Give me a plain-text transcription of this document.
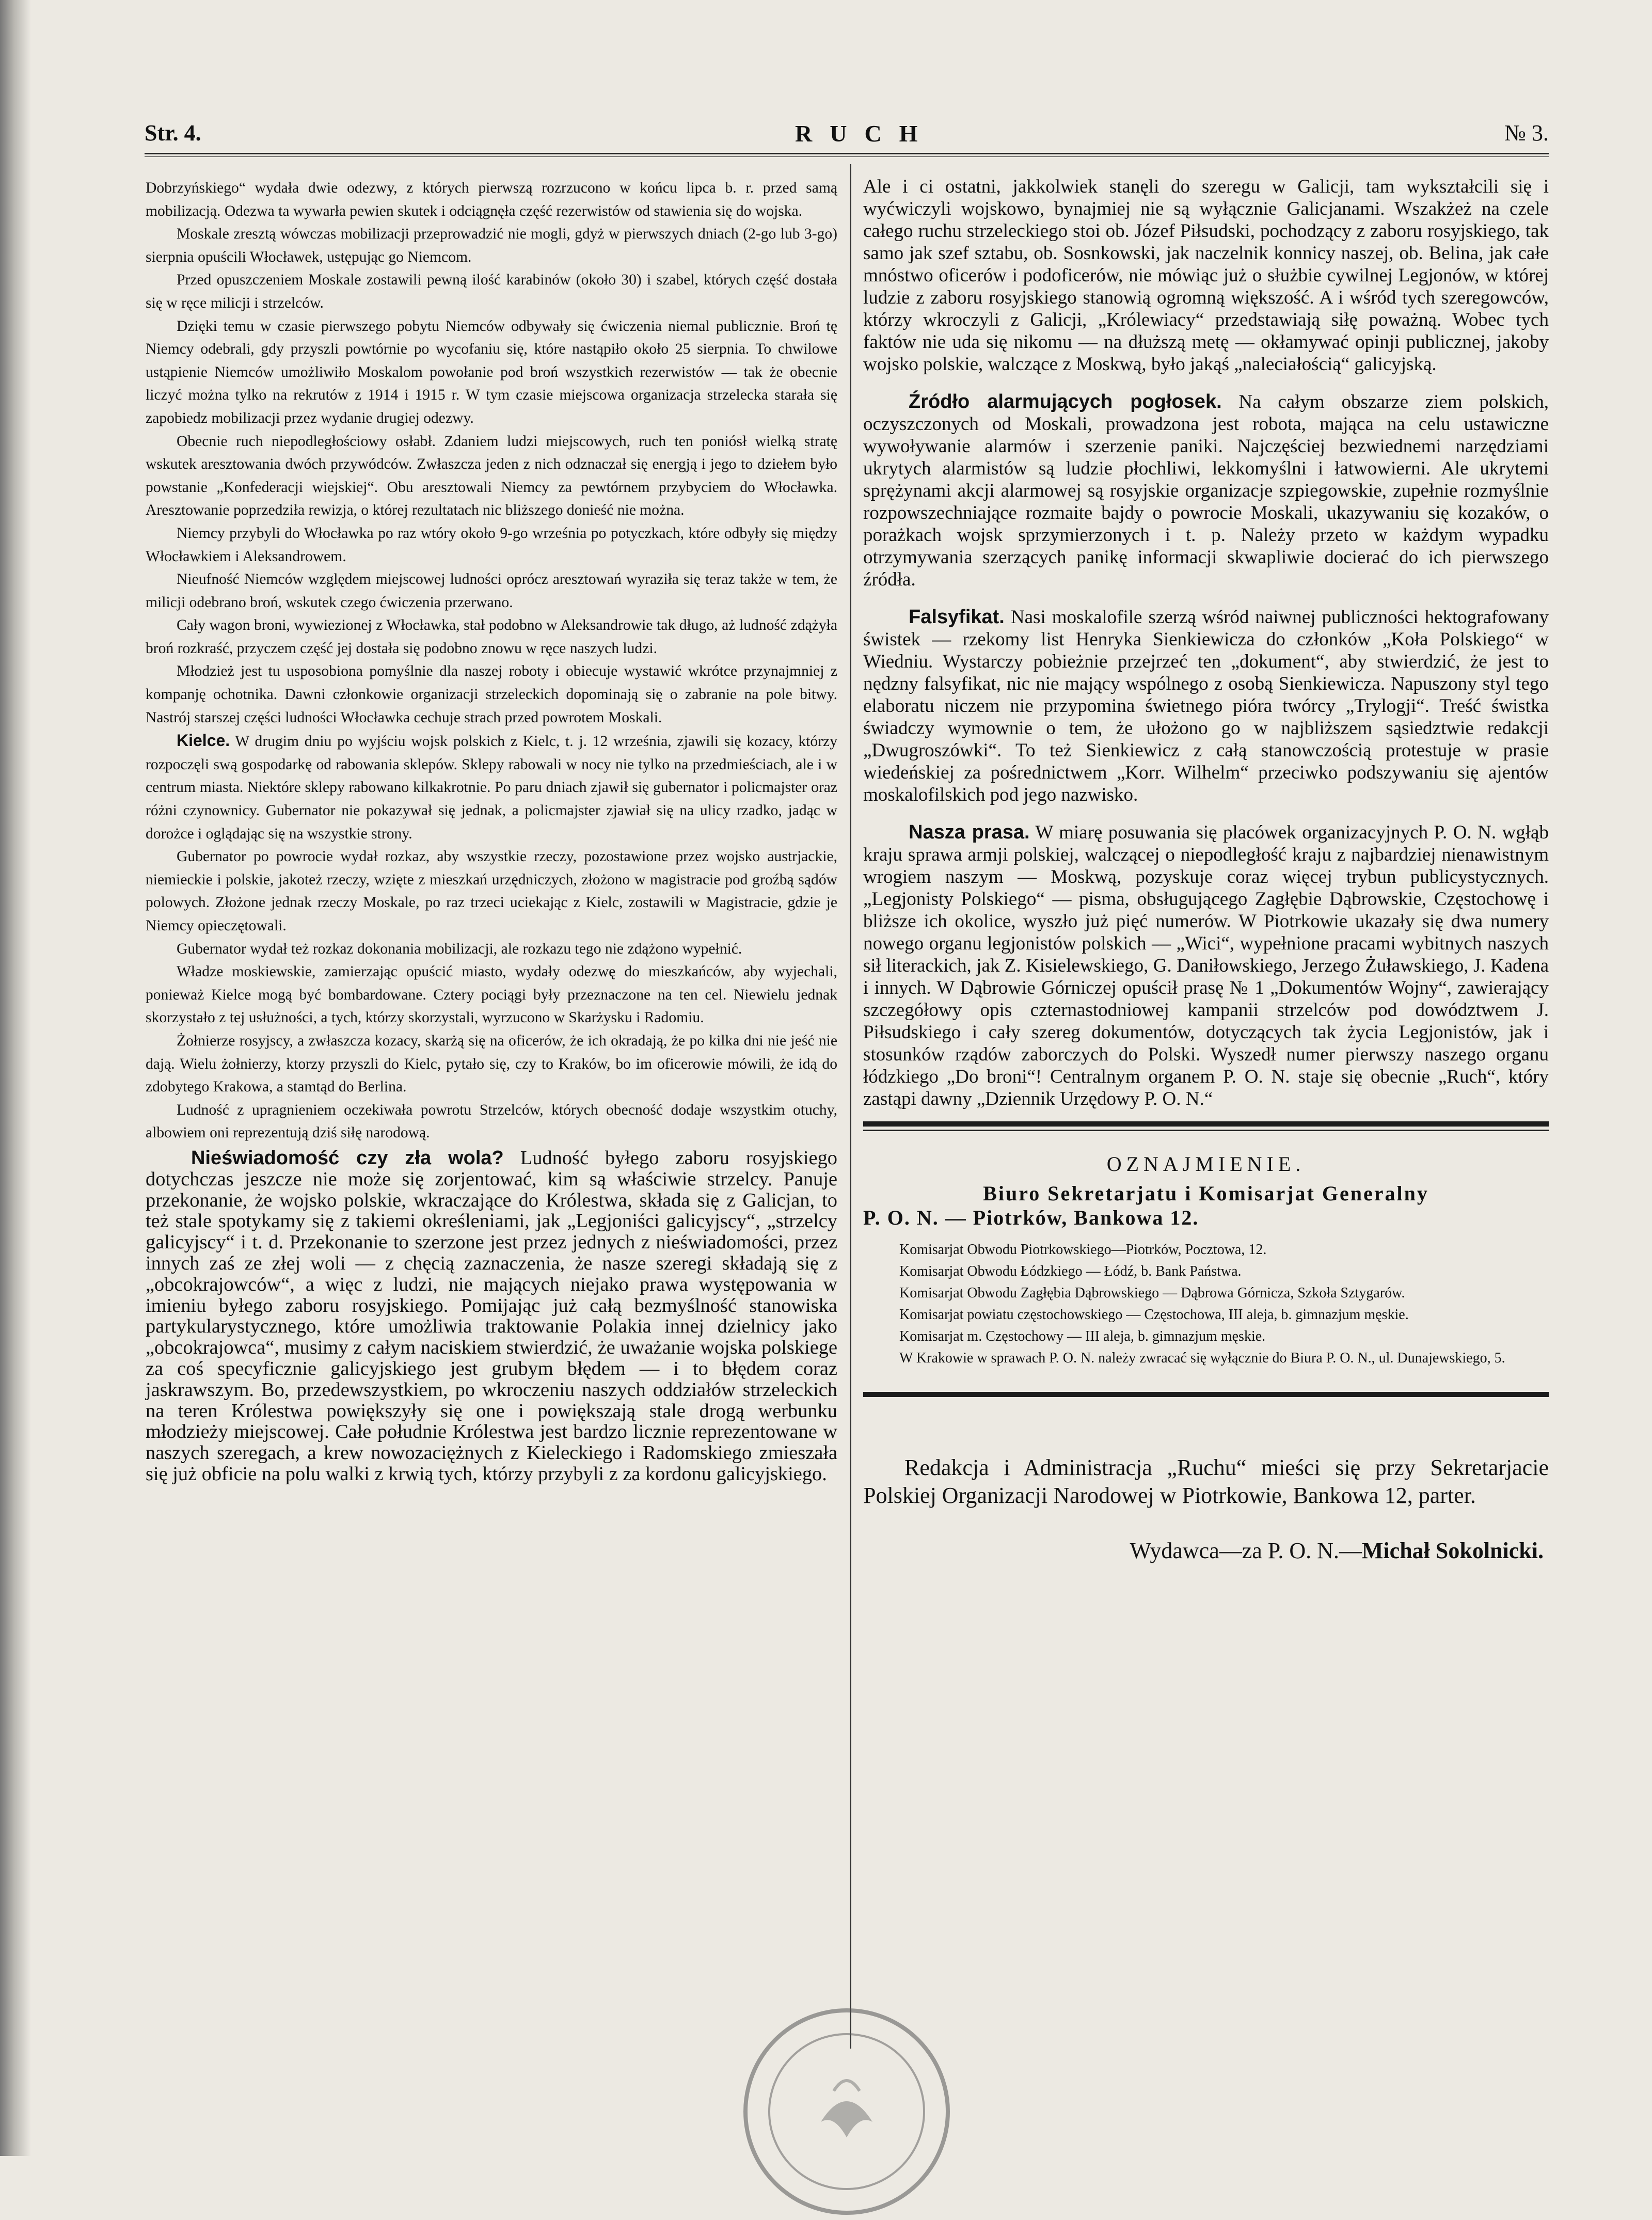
Str. 4.	RUCH	№ 3.

Dobrzyńskiego“ wydała dwie odezwy, z których pierwszą rozrzucono w końcu lipca b. r. przed samą mobilizacją. Odezwa ta wywarła pewien skutek i odciągnęła część rezerwistów od stawienia się do wojska.

Moskale zresztą wówczas mobilizacji przeprowadzić nie mogli, gdyż w pierwszych dniach (2-go lub 3-go) sierpnia opuścili Włocławek, ustępując go Niemcom.

Przed opuszczeniem Moskale zostawili pewną ilość karabinów (około 30) i szabel, których część dostała się w ręce milicji i strzelców.

Dzięki temu w czasie pierwszego pobytu Niemców odbywały się ćwiczenia niemal publicznie. Broń tę Niemcy odebrali, gdy przyszli powtórnie po wycofaniu się, które nastąpiło około 25 sierpnia. To chwilowe ustąpienie Niemców umożliwiło Moskalom powołanie pod broń wszystkich rezerwistów — tak że obecnie liczyć można tylko na rekrutów z 1914 i 1915 r. W tym czasie miejscowa organizacja strzelecka starała się zapobiedz mobilizacji przez wydanie drugiej odezwy.

Obecnie ruch niepodległościowy osłabł. Zdaniem ludzi miejscowych, ruch ten poniósł wielką stratę wskutek aresztowania dwóch przywódców. Zwłaszcza jeden z nich odznaczał się energją i jego to dziełem było powstanie „Konfederacji wiejskiej“. Obu aresztowali Niemcy za pewtórnem przybyciem do Włocławka. Aresztowanie poprzedziła rewizja, o której rezultatach nic bliższego donieść nie można.

Niemcy przybyli do Włocławka po raz wtóry około 9-go września po potyczkach, które odbyły się między Włocławkiem i Aleksandrowem.

Nieufność Niemców względem miejscowej ludności oprócz aresztowań wyraziła się teraz także w tem, że milicji odebrano broń, wskutek czego ćwiczenia przerwano.

Cały wagon broni, wywiezionej z Włocławka, stał podobno w Aleksandrowie tak długo, aż ludność zdążyła broń rozkraść, przyczem część jej dostała się podobno znowu w ręce naszych ludzi.

Młodzież jest tu usposobiona pomyślnie dla naszej roboty i obiecuje wystawić wkrótce przynajmniej z kompanję ochotnika. Dawni członkowie organizacji strzeleckich dopominają się o zabranie na pole bitwy. Nastrój starszej części ludności Włocławka cechuje strach przed powrotem Moskali.

Kielce. W drugim dniu po wyjściu wojsk polskich z Kielc, t. j. 12 września, zjawili się kozacy, którzy rozpoczęli swą gospodarkę od rabowania sklepów. Sklepy rabowali w nocy nie tylko na przedmieściach, ale i w centrum miasta. Niektóre sklepy rabowano kilkakrotnie. Po paru dniach zjawił się gubernator i policmajster oraz różni czynownicy. Gubernator nie pokazywał się jednak, a policmajster zjawiał się na ulicy rzadko, jadąc w dorożce i oglądając się na wszystkie strony.

Gubernator po powrocie wydał rozkaz, aby wszystkie rzeczy, pozostawione przez wojsko austrjackie, niemieckie i polskie, jakoteż rzeczy, wzięte z mieszkań urzędniczych, złożono w magistracie pod groźbą sądów polowych. Złożone jednak rzeczy Moskale, po raz trzeci uciekając z Kielc, zostawili w Magistracie, gdzie je Niemcy opieczętowali.

Gubernator wydał też rozkaz dokonania mobilizacji, ale rozkazu tego nie zdążono wypełnić.

Władze moskiewskie, zamierzając opuścić miasto, wydały odezwę do mieszkańców, aby wyjechali, ponieważ Kielce mogą być bombardowane. Cztery pociągi były przeznaczone na ten cel. Niewielu jednak skorzystało z tej usłużności, a tych, którzy skorzystali, wyrzucono w Skarżysku i Radomiu.

Żołnierze rosyjscy, a zwłaszcza kozacy, skarżą się na oficerów, że ich okradają, że po kilka dni nie jeść nie dają. Wielu żołnierzy, ktorzy przyszli do Kielc, pytało się, czy to Kraków, bo im oficerowie mówili, że idą do zdobytego Krakowa, a stamtąd do Berlina.

Ludność z upragnieniem oczekiwała powrotu Strzelców, których obecność dodaje wszystkim otuchy, albowiem oni reprezentują dziś siłę narodową.

Nieświadomość czy zła wola? Ludność byłego zaboru rosyjskiego dotychczas jeszcze nie może się zorjentować, kim są właściwie strzelcy. Panuje przekonanie, że wojsko polskie, wkraczające do Królestwa, składa się z Galicjan, to też stale spotykamy się z takiemi określeniami, jak „Legjoniści galicyjscy“, „strzelcy galicyjscy“ i t. d. Przekonanie to szerzone jest przez jednych z nieświadomości, przez innych zaś ze złej woli — z chęcią zaznaczenia, że nasze szeregi składają się z „obcokrajowców“, a więc z ludzi, nie mających niejako prawa występowania w imieniu byłego zaboru rosyjskiego. Pomijając już całą bezmyślność stanowiska partykularystycznego, które umożliwia traktowanie Polakia innej dzielnicy jako „obcokrajowca“, musimy z całym naciskiem stwierdzić, że uważanie wojska polskiege za coś specyficznie galicyjskiego jest grubym błędem — i to błędem coraz jaskrawszym. Bo, przedewszystkiem, po wkroczeniu naszych oddziałów strzeleckich na teren Królestwa powiększyły się one i powiększają stale drogą werbunku młodzieży miejscowej. Całe południe Królestwa jest bardzo licznie reprezentowane w naszych szeregach, a krew nowozaciężnych z Kieleckiego i Radomskiego zmieszała się już obficie na polu walki z krwią tych, którzy przybyli z za kordonu galicyjskiego.

Ale i ci ostatni, jakkolwiek stanęli do szeregu w Galicji, tam wykształcili się i wyćwiczyli wojskowo, bynajmiej nie są wyłącznie Galicjanami. Wszakżeż na czele całego ruchu strzeleckiego stoi ob. Józef Piłsudski, pochodzący z zaboru rosyjskiego, tak samo jak szef sztabu, ob. Sosnkowski, jak naczelnik konnicy naszej, ob. Belina, jak całe mnóstwo oficerów i podoficerów, nie mówiąc już o służbie cywilnej Legjonów, w której ludzie z zaboru rosyjskiego stanowią ogromną większość. A i wśród tych szeregowców, którzy wkroczyli z Galicji, „Królewiacy“ przedstawiają siłę poważną. Wobec tych faktów nie uda się nikomu — na dłuższą metę — okłamywać opinji publicznej, jakoby wojsko polskie, walczące z Moskwą, było jakąś „naleciałością“ galicyjską.

Źródło alarmujących pogłosek. Na całym obszarze ziem polskich, oczyszczonych od Moskali, prowadzona jest robota, mająca na celu ustawiczne wywoływanie alarmów i szerzenie paniki. Najczęściej bezwiednemi narzędziami ukrytych alarmistów są ludzie płochliwi, lekkomyślni i łatwowierni. Ale ukrytemi sprężynami akcji alarmowej są rosyjskie organizacje szpiegowskie, zupełnie rozmyślnie rozpowszechniające rozmaite bajdy o powrocie Moskali, ukazywaniu się kozaków, o porażkach wojsk sprzymierzonych i t. p. Należy przeto w każdym wypadku otrzymywania szerzących panikę informacji skwapliwie docierać do ich pierwszego źródła.

Falsyfikat. Nasi moskalofile szerzą wśród naiwnej publiczności hektografowany świstek — rzekomy list Henryka Sienkiewicza do członków „Koła Polskiego“ w Wiedniu. Wystarczy pobieżnie przejrzeć ten „dokument“, aby stwierdzić, że jest to nędzny falsyfikat, nic nie mający wspólnego z osobą Sienkiewicza. Napuszony styl tego elaboratu niczem nie przypomina świetnego pióra twórcy „Trylogji“. Treść świstka świadczy wymownie o tem, że ułożono go w najbliższem sąsiedztwie redakcji „Dwugroszówki“. To też Sienkiewicz z całą stanowczością protestuje w prasie wiedeńskiej za pośrednictwem „Korr. Wilhelm“ przeciwko podszywaniu się ajentów moskalofilskich pod jego nazwisko.

Nasza prasa. W miarę posuwania się placówek organizacyjnych P. O. N. wgłąb kraju sprawa armji polskiej, walczącej o niepodległość kraju z najbardziej nienawistnym wrogiem naszym — Moskwą, pozyskuje coraz więcej trybun publicystycznych. „Legjonisty Polskiego“ — pisma, obsługującego Zagłębie Dąbrowskie, Częstochowę i bliższe ich okolice, wyszło już pięć numerów. W Piotrkowie ukazały się dwa numery nowego organu legjonistów polskich — „Wici“, wypełnione pracami wybitnych naszych sił literackich, jak Z. Kisielewskiego, G. Daniłowskiego, Jerzego Żuławskiego, J. Kadena i innych. W Dąbrowie Górniczej opuścił prasę № 1 „Dokumentów Wojny“, zawierający szczegółowy opis czternastodniowej kampanii strzelców pod dowództwem J. Piłsudskiego i cały szereg dokumentów, dotyczących tak życia Legjonistów, jak i stosunków rządów zaborczych do Polski. Wyszedł numer pierwszy naszego organu łódzkiego „Do broni“! Centralnym organem P. O. N. staje się obecnie „Ruch“, który zastąpi dawny „Dziennik Urzędowy P. O. N.“

OZNAJMIENIE.

Biuro Sekretarjatu i Komisarjat Generalny

P. O. N. — Piotrków, Bankowa 12.

Komisarjat Obwodu Piotrkowskiego—Piotrków, Pocztowa, 12.

Komisarjat Obwodu Łódzkiego — Łódź, b. Bank Państwa.

Komisarjat Obwodu Zagłębia Dąbrowskiego — Dąbrowa Górnicza, Szkoła Sztygarów.

Komisarjat powiatu częstochowskiego — Częstochowa, III aleja, b. gimnazjum męskie.

Komisarjat m. Częstochowy — III aleja, b. gimnazjum męskie.

W Krakowie w sprawach P. O. N. należy zwracać się wyłącznie do Biura P. O. N., ul. Dunajewskiego, 5.

Redakcja i Administracja „Ruchu“ mieści się przy Sekretarjacie Polskiej Organizacji Narodowej w Piotrkowie, Bankowa 12, parter.

Wydawca—za P. O. N.—Michał Sokolnicki.
